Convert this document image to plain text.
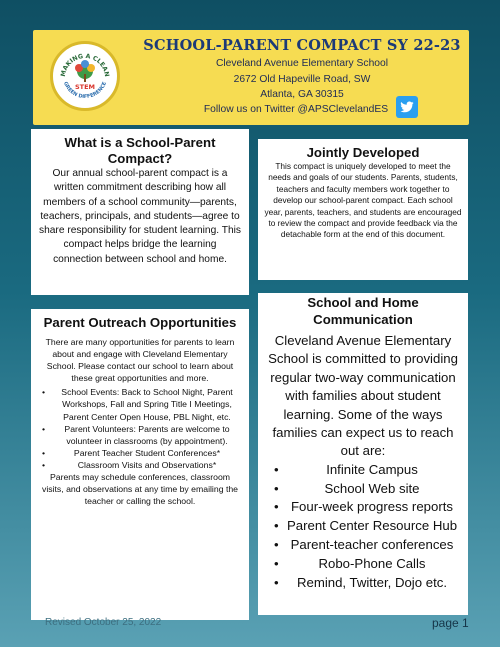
MAKING A CLEAN
GREEN DIFFERENCE
STEM
SCHOOL-PARENT COMPACT SY 22-23
Cleveland Avenue Elementary School
2672 Old Hapeville Road, SW
Atlanta, GA 30315
Follow us on Twitter @APSClevelandES
What is a School-Parent Compact?

Our annual school-parent compact is a written commitment describing how all members of a school community—parents, teachers, principals, and students—agree to share responsibility for student learning. This compact helps bridge the learning connection between school and home.

Jointly Developed

This compact is uniquely developed to meet the needs and goals of our students. Parents, students, teachers and faculty members work together to develop our school-parent compact. Each school year, parents, teachers, and students are encouraged to review the compact and provide feedback via the detachable form at the end of this document.

Parent Outreach Opportunities

There are many opportunities for parents to learn about and engage with Cleveland Elementary School. Please contact our school to learn about these great opportunities and more.

• School Events: Back to School Night, Parent Workshops, Fall and Spring Title I Meetings, Parent Center Open House, PBL Night, etc.
• Parent Volunteers: Parents are welcome to volunteer in classrooms (by appointment).
•	Parent Teacher Student Conferences*
•	Classroom Visits and Observations*

Parents may schedule conferences, classroom visits, and observations at any time by emailing the teacher or calling the school.

School and Home Communication

Cleveland Avenue Elementary School is committed to providing regular two-way communication with families about student learning. Some of the ways families can expect us to reach out are:

•	Infinite Campus
•	School Web site
• Four-week progress reports
• Parent Center Resource Hub
• Parent-teacher conferences
•	Robo-Phone Calls
• Remind, Twitter, Dojo etc.
Revised October 25, 2022	page 1
